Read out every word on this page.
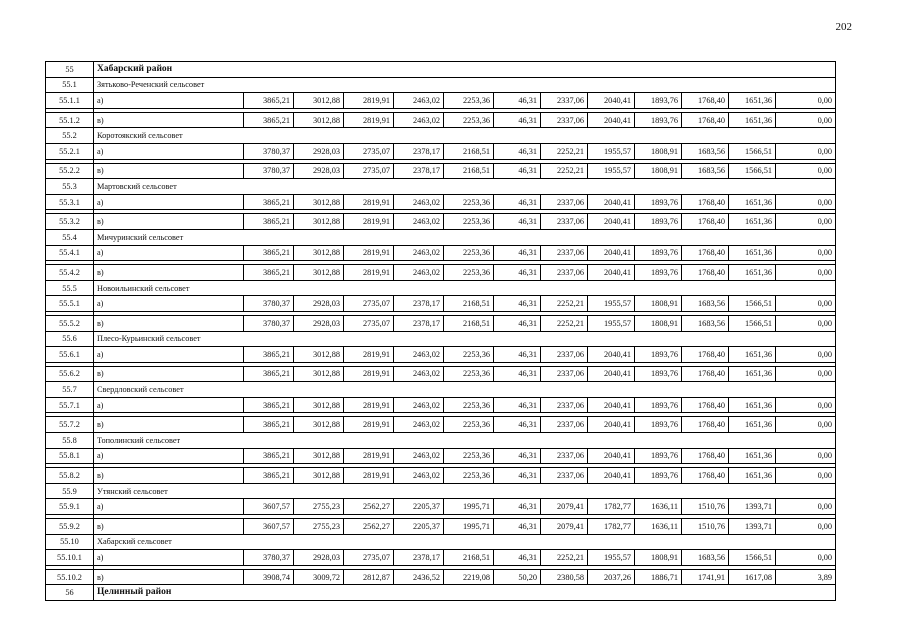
202
55	Хабарский район												
55.1	Зятьково-Реченский сельсовет												
55.1.1	а)	3865,21	3012,88	2819,91	2463,02	2253,36	46,31	2337,06	2040,41	1893,76	1768,40	1651,36	0,00

55.1.2	в)	3865,21	3012,88	2819,91	2463,02	2253,36	46,31	2337,06	2040,41	1893,76	1768,40	1651,36	0,00
55.2	Коротоякский сельсовет												
55.2.1	а)	3780,37	2928,03	2735,07	2378,17	2168,51	46,31	2252,21	1955,57	1808,91	1683,56	1566,51	0,00

55.2.2	в)	3780,37	2928,03	2735,07	2378,17	2168,51	46,31	2252,21	1955,57	1808,91	1683,56	1566,51	0,00
55.3	Мартовский сельсовет												
55.3.1	а)	3865,21	3012,88	2819,91	2463,02	2253,36	46,31	2337,06	2040,41	1893,76	1768,40	1651,36	0,00

55.3.2	в)	3865,21	3012,88	2819,91	2463,02	2253,36	46,31	2337,06	2040,41	1893,76	1768,40	1651,36	0,00
55.4	Мичуринский сельсовет												
55.4.1	а)	3865,21	3012,88	2819,91	2463,02	2253,36	46,31	2337,06	2040,41	1893,76	1768,40	1651,36	0,00

55.4.2	в)	3865,21	3012,88	2819,91	2463,02	2253,36	46,31	2337,06	2040,41	1893,76	1768,40	1651,36	0,00
55.5	Новоильинский сельсовет												
55.5.1	а)	3780,37	2928,03	2735,07	2378,17	2168,51	46,31	2252,21	1955,57	1808,91	1683,56	1566,51	0,00

55.5.2	в)	3780,37	2928,03	2735,07	2378,17	2168,51	46,31	2252,21	1955,57	1808,91	1683,56	1566,51	0,00
55.6	Плесо-Курьинский сельсовет												
55.6.1	а)	3865,21	3012,88	2819,91	2463,02	2253,36	46,31	2337,06	2040,41	1893,76	1768,40	1651,36	0,00

55.6.2	в)	3865,21	3012,88	2819,91	2463,02	2253,36	46,31	2337,06	2040,41	1893,76	1768,40	1651,36	0,00
55.7	Свердловский сельсовет												
55.7.1	а)	3865,21	3012,88	2819,91	2463,02	2253,36	46,31	2337,06	2040,41	1893,76	1768,40	1651,36	0,00

55.7.2	в)	3865,21	3012,88	2819,91	2463,02	2253,36	46,31	2337,06	2040,41	1893,76	1768,40	1651,36	0,00
55.8	Тополинский сельсовет												
55.8.1	а)	3865,21	3012,88	2819,91	2463,02	2253,36	46,31	2337,06	2040,41	1893,76	1768,40	1651,36	0,00

55.8.2	в)	3865,21	3012,88	2819,91	2463,02	2253,36	46,31	2337,06	2040,41	1893,76	1768,40	1651,36	0,00
55.9	Утянский сельсовет												
55.9.1	а)	3607,57	2755,23	2562,27	2205,37	1995,71	46,31	2079,41	1782,77	1636,11	1510,76	1393,71	0,00

55.9.2	в)	3607,57	2755,23	2562,27	2205,37	1995,71	46,31	2079,41	1782,77	1636,11	1510,76	1393,71	0,00
55.10	Хабарский сельсовет												
55.10.1	а)	3780,37	2928,03	2735,07	2378,17	2168,51	46,31	2252,21	1955,57	1808,91	1683,56	1566,51	0,00

55.10.2	в)	3908,74	3009,72	2812,87	2436,52	2219,08	50,20	2380,58	2037,26	1886,71	1741,91	1617,08	3,89
56	Целинный район												
